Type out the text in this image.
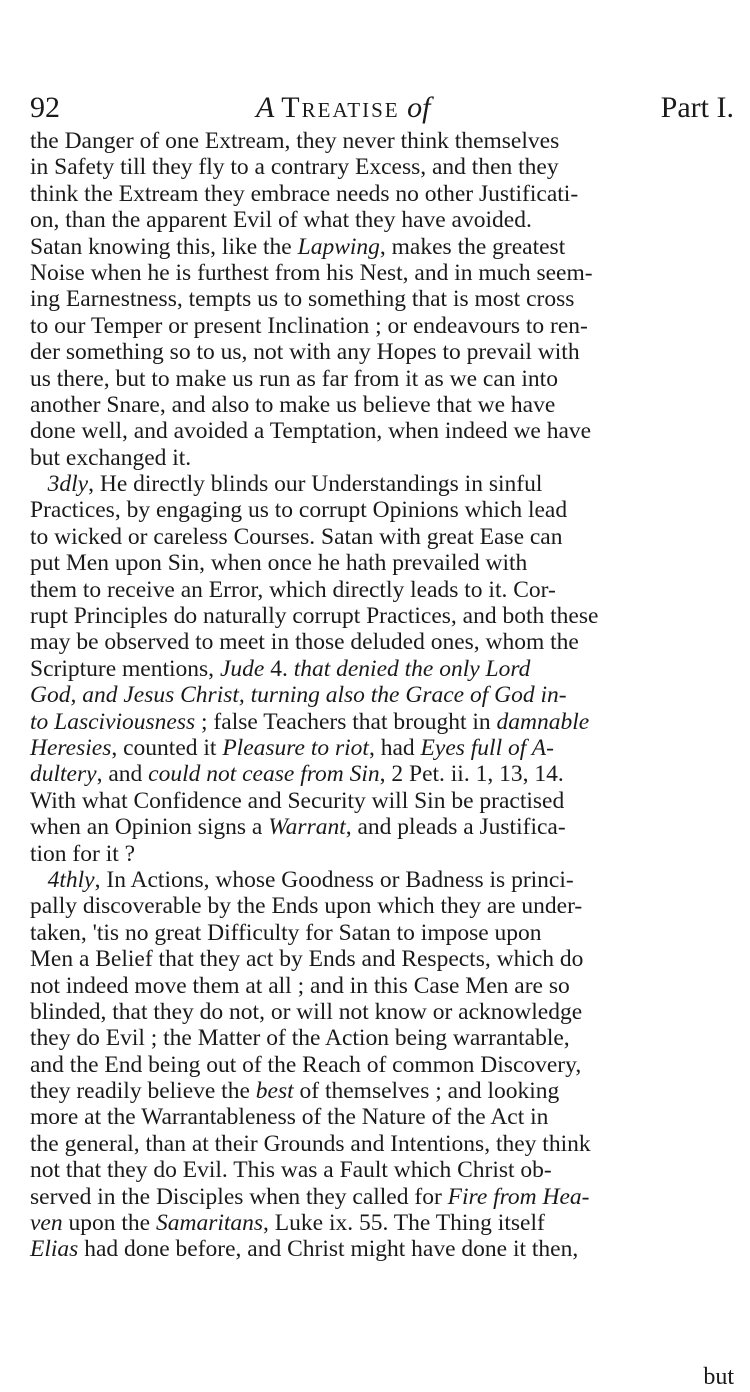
92	A Treatise of	Part I.
the Danger of one Extream, they never think themselves
in Safety till they fly to a contrary Excess, and then they
think the Extream they embrace needs no other Justificati-
on, than the apparent Evil of what they have avoided.
Satan knowing this, like the Lapwing, makes the greatest
Noise when he is furthest from his Nest, and in much seem-
ing Earnestness, tempts us to something that is most cross
to our Temper or present Inclination ; or endeavours to ren-
der something so to us, not with any Hopes to prevail with
us there, but to make us run as far from it as we can into
another Snare, and also to make us believe that we have
done well, and avoided a Temptation, when indeed we have
but exchanged it.
3dly, He directly blinds our Understandings in sinful
Practices, by engaging us to corrupt Opinions which lead
to wicked or careless Courses. Satan with great Ease can
put Men upon Sin, when once he hath prevailed with
them to receive an Error, which directly leads to it. Cor-
rupt Principles do naturally corrupt Practices, and both these
may be observed to meet in those deluded ones, whom the
Scripture mentions, Jude 4. that denied the only Lord
God, and Jesus Christ, turning also the Grace of God in-
to Lasciviousness ; false Teachers that brought in damnable
Heresies, counted it Pleasure to riot, had Eyes full of A-
dultery, and could not cease from Sin, 2 Pet. ii. 1, 13, 14.
With what Confidence and Security will Sin be practised
when an Opinion signs a Warrant, and pleads a Justifica-
tion for it ?
4thly, In Actions, whose Goodness or Badness is princi-
pally discoverable by the Ends upon which they are under-
taken, 'tis no great Difficulty for Satan to impose upon
Men a Belief that they act by Ends and Respects, which do
not indeed move them at all ; and in this Case Men are so
blinded, that they do not, or will not know or acknowledge
they do Evil ; the Matter of the Action being warrantable,
and the End being out of the Reach of common Discovery,
they readily believe the best of themselves ; and looking
more at the Warrantableness of the Nature of the Act in
the general, than at their Grounds and Intentions, they think
not that they do Evil. This was a Fault which Christ ob-
served in the Disciples when they called for Fire from Hea-
ven upon the Samaritans, Luke ix. 55. The Thing itself
Elias had done before, and Christ might have done it then,
but
